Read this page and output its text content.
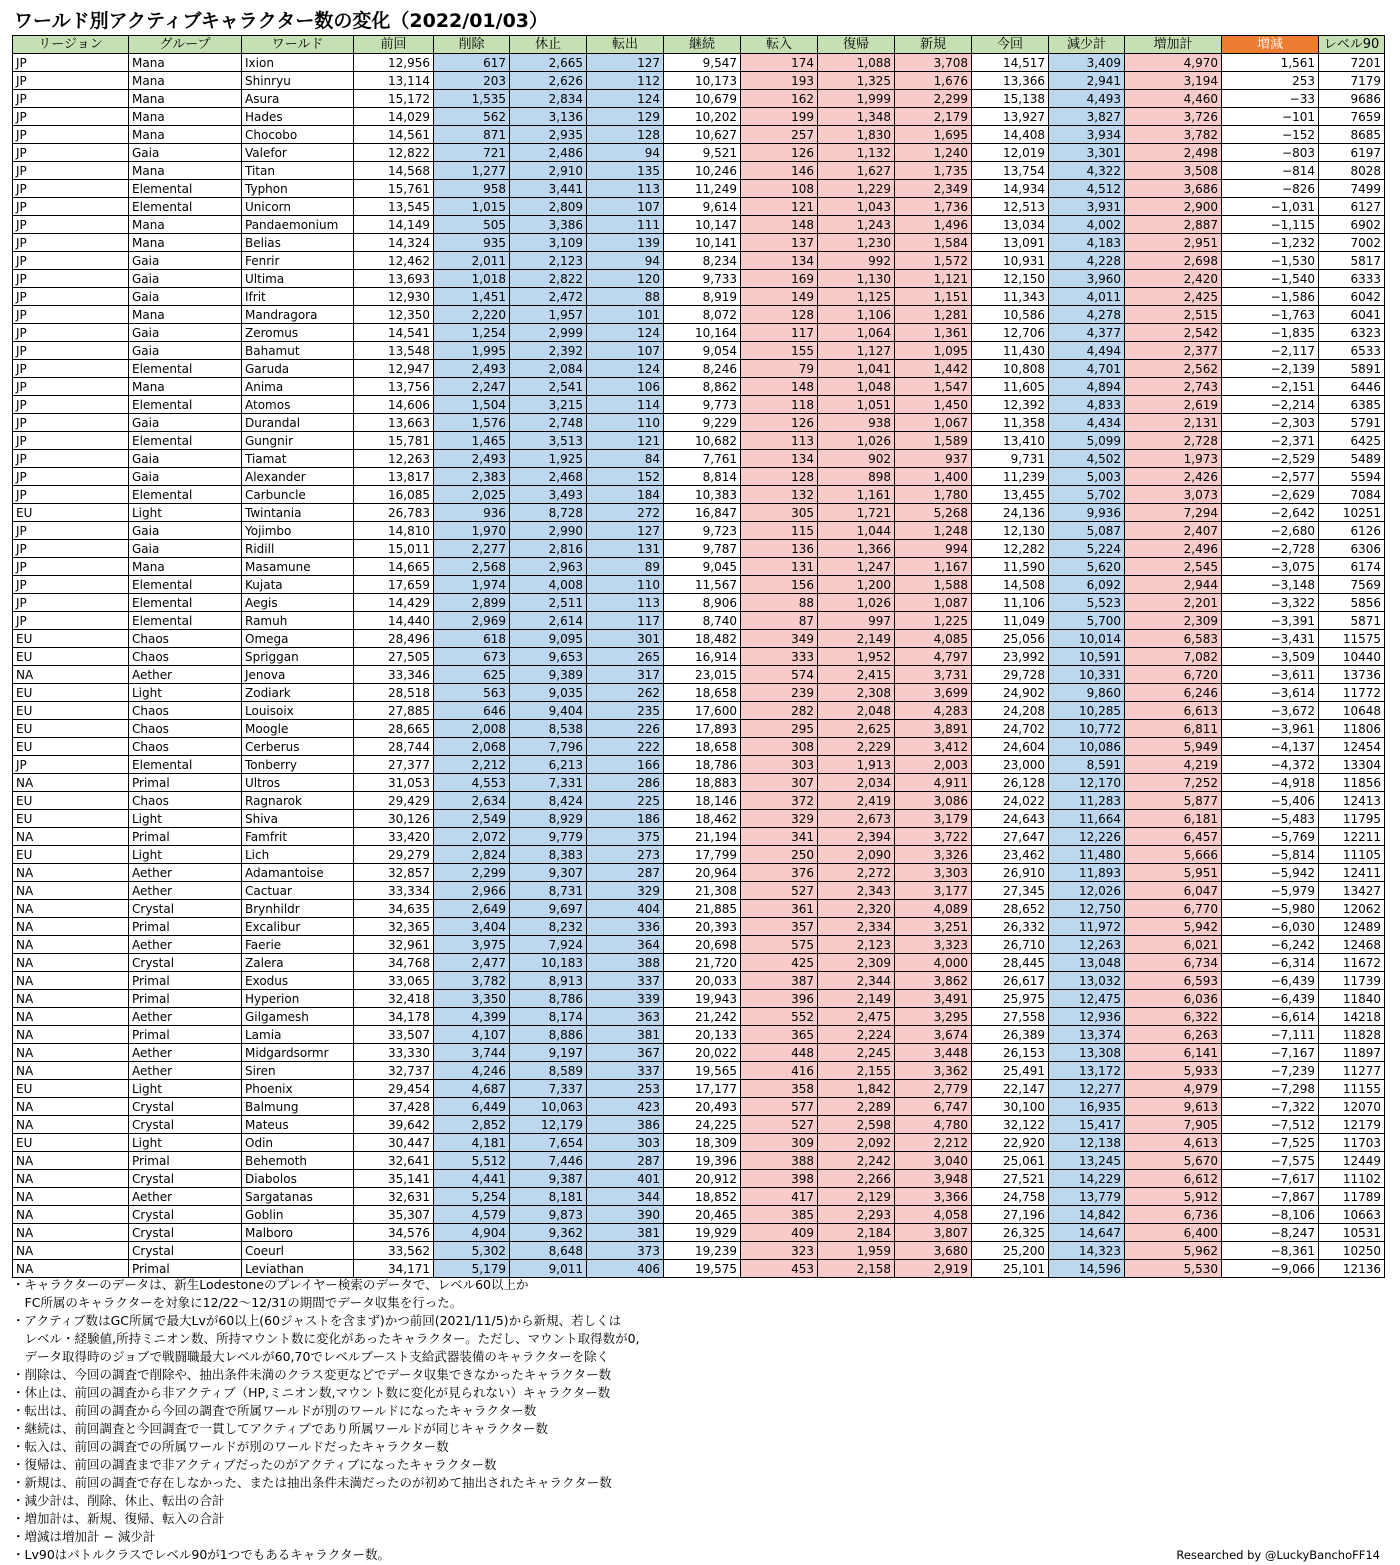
ワールド別アクティブキャラクター数の変化（2022/01/03）
リージョン	グループ	ワールド	前回	削除	休止	転出	継続	転入	復帰	新規	今回	減少計	増加計	増減	レベル90
JP	Mana	Ixion	12,956	617	2,665	127	9,547	174	1,088	3,708	14,517	3,409	4,970	1,561	7201
JP	Mana	Shinryu	13,114	203	2,626	112	10,173	193	1,325	1,676	13,366	2,941	3,194	253	7179
JP	Mana	Asura	15,172	1,535	2,834	124	10,679	162	1,999	2,299	15,138	4,493	4,460	−33	9686
JP	Mana	Hades	14,029	562	3,136	129	10,202	199	1,348	2,179	13,927	3,827	3,726	−101	7659
JP	Mana	Chocobo	14,561	871	2,935	128	10,627	257	1,830	1,695	14,408	3,934	3,782	−152	8685
JP	Gaia	Valefor	12,822	721	2,486	94	9,521	126	1,132	1,240	12,019	3,301	2,498	−803	6197
JP	Mana	Titan	14,568	1,277	2,910	135	10,246	146	1,627	1,735	13,754	4,322	3,508	−814	8028
JP	Elemental	Typhon	15,761	958	3,441	113	11,249	108	1,229	2,349	14,934	4,512	3,686	−826	7499
JP	Elemental	Unicorn	13,545	1,015	2,809	107	9,614	121	1,043	1,736	12,513	3,931	2,900	−1,031	6127
JP	Mana	Pandaemonium	14,149	505	3,386	111	10,147	148	1,243	1,496	13,034	4,002	2,887	−1,115	6902
JP	Mana	Belias	14,324	935	3,109	139	10,141	137	1,230	1,584	13,091	4,183	2,951	−1,232	7002
JP	Gaia	Fenrir	12,462	2,011	2,123	94	8,234	134	992	1,572	10,931	4,228	2,698	−1,530	5817
JP	Gaia	Ultima	13,693	1,018	2,822	120	9,733	169	1,130	1,121	12,150	3,960	2,420	−1,540	6333
JP	Gaia	Ifrit	12,930	1,451	2,472	88	8,919	149	1,125	1,151	11,343	4,011	2,425	−1,586	6042
JP	Mana	Mandragora	12,350	2,220	1,957	101	8,072	128	1,106	1,281	10,586	4,278	2,515	−1,763	6041
JP	Gaia	Zeromus	14,541	1,254	2,999	124	10,164	117	1,064	1,361	12,706	4,377	2,542	−1,835	6323
JP	Gaia	Bahamut	13,548	1,995	2,392	107	9,054	155	1,127	1,095	11,430	4,494	2,377	−2,117	6533
JP	Elemental	Garuda	12,947	2,493	2,084	124	8,246	79	1,041	1,442	10,808	4,701	2,562	−2,139	5891
JP	Mana	Anima	13,756	2,247	2,541	106	8,862	148	1,048	1,547	11,605	4,894	2,743	−2,151	6446
JP	Elemental	Atomos	14,606	1,504	3,215	114	9,773	118	1,051	1,450	12,392	4,833	2,619	−2,214	6385
JP	Gaia	Durandal	13,663	1,576	2,748	110	9,229	126	938	1,067	11,358	4,434	2,131	−2,303	5791
JP	Elemental	Gungnir	15,781	1,465	3,513	121	10,682	113	1,026	1,589	13,410	5,099	2,728	−2,371	6425
JP	Gaia	Tiamat	12,263	2,493	1,925	84	7,761	134	902	937	9,731	4,502	1,973	−2,529	5489
JP	Gaia	Alexander	13,817	2,383	2,468	152	8,814	128	898	1,400	11,239	5,003	2,426	−2,577	5594
JP	Elemental	Carbuncle	16,085	2,025	3,493	184	10,383	132	1,161	1,780	13,455	5,702	3,073	−2,629	7084
EU	Light	Twintania	26,783	936	8,728	272	16,847	305	1,721	5,268	24,136	9,936	7,294	−2,642	10251
JP	Gaia	Yojimbo	14,810	1,970	2,990	127	9,723	115	1,044	1,248	12,130	5,087	2,407	−2,680	6126
JP	Gaia	Ridill	15,011	2,277	2,816	131	9,787	136	1,366	994	12,282	5,224	2,496	−2,728	6306
JP	Mana	Masamune	14,665	2,568	2,963	89	9,045	131	1,247	1,167	11,590	5,620	2,545	−3,075	6174
JP	Elemental	Kujata	17,659	1,974	4,008	110	11,567	156	1,200	1,588	14,508	6,092	2,944	−3,148	7569
JP	Elemental	Aegis	14,429	2,899	2,511	113	8,906	88	1,026	1,087	11,106	5,523	2,201	−3,322	5856
JP	Elemental	Ramuh	14,440	2,969	2,614	117	8,740	87	997	1,225	11,049	5,700	2,309	−3,391	5871
EU	Chaos	Omega	28,496	618	9,095	301	18,482	349	2,149	4,085	25,056	10,014	6,583	−3,431	11575
EU	Chaos	Spriggan	27,505	673	9,653	265	16,914	333	1,952	4,797	23,992	10,591	7,082	−3,509	10440
NA	Aether	Jenova	33,346	625	9,389	317	23,015	574	2,415	3,731	29,728	10,331	6,720	−3,611	13736
EU	Light	Zodiark	28,518	563	9,035	262	18,658	239	2,308	3,699	24,902	9,860	6,246	−3,614	11772
EU	Chaos	Louisoix	27,885	646	9,404	235	17,600	282	2,048	4,283	24,208	10,285	6,613	−3,672	10648
EU	Chaos	Moogle	28,665	2,008	8,538	226	17,893	295	2,625	3,891	24,702	10,772	6,811	−3,961	11806
EU	Chaos	Cerberus	28,744	2,068	7,796	222	18,658	308	2,229	3,412	24,604	10,086	5,949	−4,137	12454
JP	Elemental	Tonberry	27,377	2,212	6,213	166	18,786	303	1,913	2,003	23,000	8,591	4,219	−4,372	13304
NA	Primal	Ultros	31,053	4,553	7,331	286	18,883	307	2,034	4,911	26,128	12,170	7,252	−4,918	11856
EU	Chaos	Ragnarok	29,429	2,634	8,424	225	18,146	372	2,419	3,086	24,022	11,283	5,877	−5,406	12413
EU	Light	Shiva	30,126	2,549	8,929	186	18,462	329	2,673	3,179	24,643	11,664	6,181	−5,483	11795
NA	Primal	Famfrit	33,420	2,072	9,779	375	21,194	341	2,394	3,722	27,647	12,226	6,457	−5,769	12211
EU	Light	Lich	29,279	2,824	8,383	273	17,799	250	2,090	3,326	23,462	11,480	5,666	−5,814	11105
NA	Aether	Adamantoise	32,857	2,299	9,307	287	20,964	376	2,272	3,303	26,910	11,893	5,951	−5,942	12411
NA	Aether	Cactuar	33,334	2,966	8,731	329	21,308	527	2,343	3,177	27,345	12,026	6,047	−5,979	13427
NA	Crystal	Brynhildr	34,635	2,649	9,697	404	21,885	361	2,320	4,089	28,652	12,750	6,770	−5,980	12062
NA	Primal	Excalibur	32,365	3,404	8,232	336	20,393	357	2,334	3,251	26,332	11,972	5,942	−6,030	12489
NA	Aether	Faerie	32,961	3,975	7,924	364	20,698	575	2,123	3,323	26,710	12,263	6,021	−6,242	12468
NA	Crystal	Zalera	34,768	2,477	10,183	388	21,720	425	2,309	4,000	28,445	13,048	6,734	−6,314	11672
NA	Primal	Exodus	33,065	3,782	8,913	337	20,033	387	2,344	3,862	26,617	13,032	6,593	−6,439	11739
NA	Primal	Hyperion	32,418	3,350	8,786	339	19,943	396	2,149	3,491	25,975	12,475	6,036	−6,439	11840
NA	Aether	Gilgamesh	34,178	4,399	8,174	363	21,242	552	2,475	3,295	27,558	12,936	6,322	−6,614	14218
NA	Primal	Lamia	33,507	4,107	8,886	381	20,133	365	2,224	3,674	26,389	13,374	6,263	−7,111	11828
NA	Aether	Midgardsormr	33,330	3,744	9,197	367	20,022	448	2,245	3,448	26,153	13,308	6,141	−7,167	11897
NA	Aether	Siren	32,737	4,246	8,589	337	19,565	416	2,155	3,362	25,491	13,172	5,933	−7,239	11277
EU	Light	Phoenix	29,454	4,687	7,337	253	17,177	358	1,842	2,779	22,147	12,277	4,979	−7,298	11155
NA	Crystal	Balmung	37,428	6,449	10,063	423	20,493	577	2,289	6,747	30,100	16,935	9,613	−7,322	12070
NA	Crystal	Mateus	39,642	2,852	12,179	386	24,225	527	2,598	4,780	32,122	15,417	7,905	−7,512	12179
EU	Light	Odin	30,447	4,181	7,654	303	18,309	309	2,092	2,212	22,920	12,138	4,613	−7,525	11703
NA	Primal	Behemoth	32,641	5,512	7,446	287	19,396	388	2,242	3,040	25,061	13,245	5,670	−7,575	12449
NA	Crystal	Diabolos	35,141	4,441	9,387	401	20,912	398	2,266	3,948	27,521	14,229	6,612	−7,617	11102
NA	Aether	Sargatanas	32,631	5,254	8,181	344	18,852	417	2,129	3,366	24,758	13,779	5,912	−7,867	11789
NA	Crystal	Goblin	35,307	4,579	9,873	390	20,465	385	2,293	4,058	27,196	14,842	6,736	−8,106	10663
NA	Crystal	Malboro	34,576	4,904	9,362	381	19,929	409	2,184	3,807	26,325	14,647	6,400	−8,247	10531
NA	Crystal	Coeurl	33,562	5,302	8,648	373	19,239	323	1,959	3,680	25,200	14,323	5,962	−8,361	10250
NA	Primal	Leviathan	34,171	5,179	9,011	406	19,575	453	2,158	2,919	25,101	14,596	5,530	−9,066	12136
・キャラクターのデータは、新生Lodestoneのプレイヤー検索のデータで、レベル60以上か
　FC所属のキャラクターを対象に12/22〜12/31の期間でデータ収集を行った。
・アクティブ数はGC所属で最大Lvが60以上(60ジャストを含まず)かつ前回(2021/11/5)から新規、若しくは
　レベル・経験値,所持ミニオン数、所持マウント数に変化があったキャラクター。ただし、マウント取得数が0,
　データ取得時のジョブで戦闘職最大レベルが60,70でレベルブースト支給武器装備のキャラクターを除く
・削除は、今回の調査で削除や、抽出条件未満のクラス変更などでデータ収集できなかったキャラクター数
・休止は、前回の調査から非アクティブ（HP,ミニオン数,マウント数に変化が見られない）キャラクター数
・転出は、前回の調査から今回の調査で所属ワールドが別のワールドになったキャラクター数
・継続は、前回調査と今回調査で一貫してアクティブであり所属ワールドが同じキャラクター数
・転入は、前回の調査での所属ワールドが別のワールドだったキャラクター数
・復帰は、前回の調査まで非アクティブだったのがアクティブになったキャラクター数
・新規は、前回の調査で存在しなかった、または抽出条件未満だったのが初めて抽出されたキャラクター数
・減少計は、削除、休止、転出の合計
・増加計は、新規、復帰、転入の合計
・増減は増加計 − 減少計
・Lv90はバトルクラスでレベル90が1つでもあるキャラクター数。	Researched by @LuckyBanchoFF14
